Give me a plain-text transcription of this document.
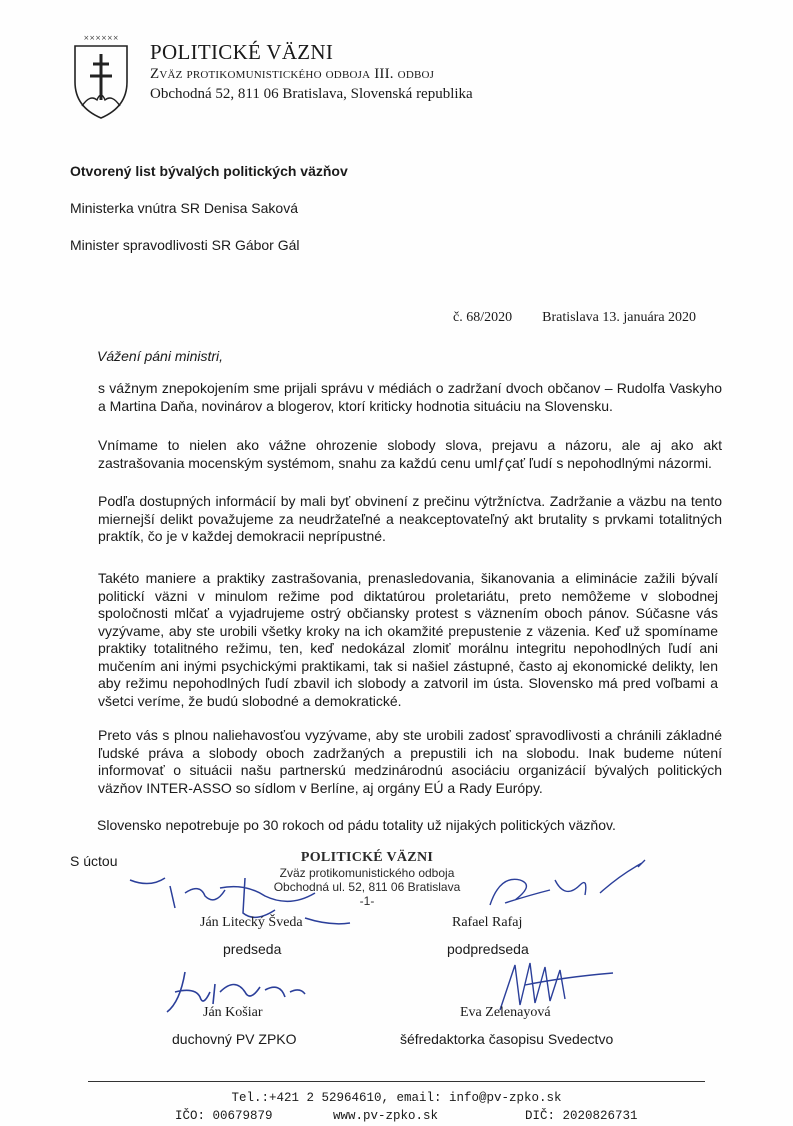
××××××
POLITICKÉ VÄZNI
Zväz protikomunistického odboja III. odboj
Obchodná 52, 811 06 Bratislava, Slovenská republika
Otvorený list bývalých politických väzňov
Ministerka vnútra SR Denisa Saková
Minister spravodlivosti SR Gábor Gál
č. 68/2020 Bratislava 13. januára 2020
Vážení páni ministri,

s vážnym znepokojením sme prijali správu v médiách o zadržaní dvoch občanov – Rudolfa Vaskyho a Martina Daňa, novinárov a blogerov, ktorí kriticky hodnotia situáciu na Slovensku.

Vnímame to nielen ako vážne ohrozenie slobody slova, prejavu a názoru, ale aj ako akt zastrašovania mocenským systémom, snahu za každú cenu umlƒçať ľudí s nepohodlnými názormi.

Podľa dostupných informácií by mali byť obvinení z prečinu výtržníctva. Zadržanie a väzbu na tento miernejší delikt považujeme za neudržateľné a neakceptovateľný akt brutality s prvkami totalitných praktík, čo je v každej demokracii neprípustné.

Takéto maniere a praktiky zastrašovania, prenasledovania, šikanovania a eliminácie zažili bývalí politickí väzni v minulom režime pod diktatúrou proletariátu, preto nemôžeme v slobodnej spoločnosti mlčať a vyjadrujeme ostrý občiansky protest s väznením oboch pánov. Súčasne vás vyzývame, aby ste urobili všetky kroky na ich okamžité prepustenie z väzenia. Keď už spomíname praktiky totalitného režimu, ten, keď nedokázal zlomiť morálnu integritu nepohodlných ľudí ani mučením ani inými psychickými praktikami, tak si našiel zástupné, často aj ekonomické delikty, len aby režimu nepohodlných ľudí zbavil ich slobody a zatvoril im ústa. Slovensko má pred voľbami a všetci veríme, že budú slobodné a demokratické.

Preto vás s plnou naliehavosťou vyzývame, aby ste urobili zadosť spravodlivosti a chránili základné ľudské práva a slobody oboch zadržaných a prepustili ich na slobodu. Inak budeme nútení informovať o situácii našu partnerskú medzinárodnú asociáciu organizácií bývalých politických väzňov INTER-ASSO so sídlom v Berlíne, aj orgány EÚ a Rady Európy.

Slovensko nepotrebuje po 30 rokoch od pádu totality už nijakých politických väzňov.
S úctou	POLITICKÉ VÄZNI
Zväz protikomunistického odboja
Obchodná ul. 52, 811 06 Bratislava
-1-
Ján Litecký Šveda
predseda
Rafael Rafaj
podpredseda
Ján Košiar
duchovný PV ZPKO
Eva Zelenayová
šéfredaktorka časopisu Svedectvo
Tel.:+421 2 52964610, email: info@pv-zpko.sk
IČO: 00679879	www.pv-zpko.sk	DIČ: 2020826731
